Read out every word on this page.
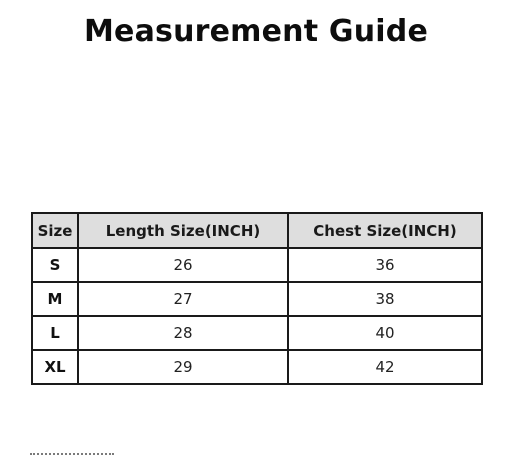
Measurement Guide
Size	Length Size(INCH)	Chest Size(INCH)
S	26	36
M	27	38
L	28	40
XL	29	42
